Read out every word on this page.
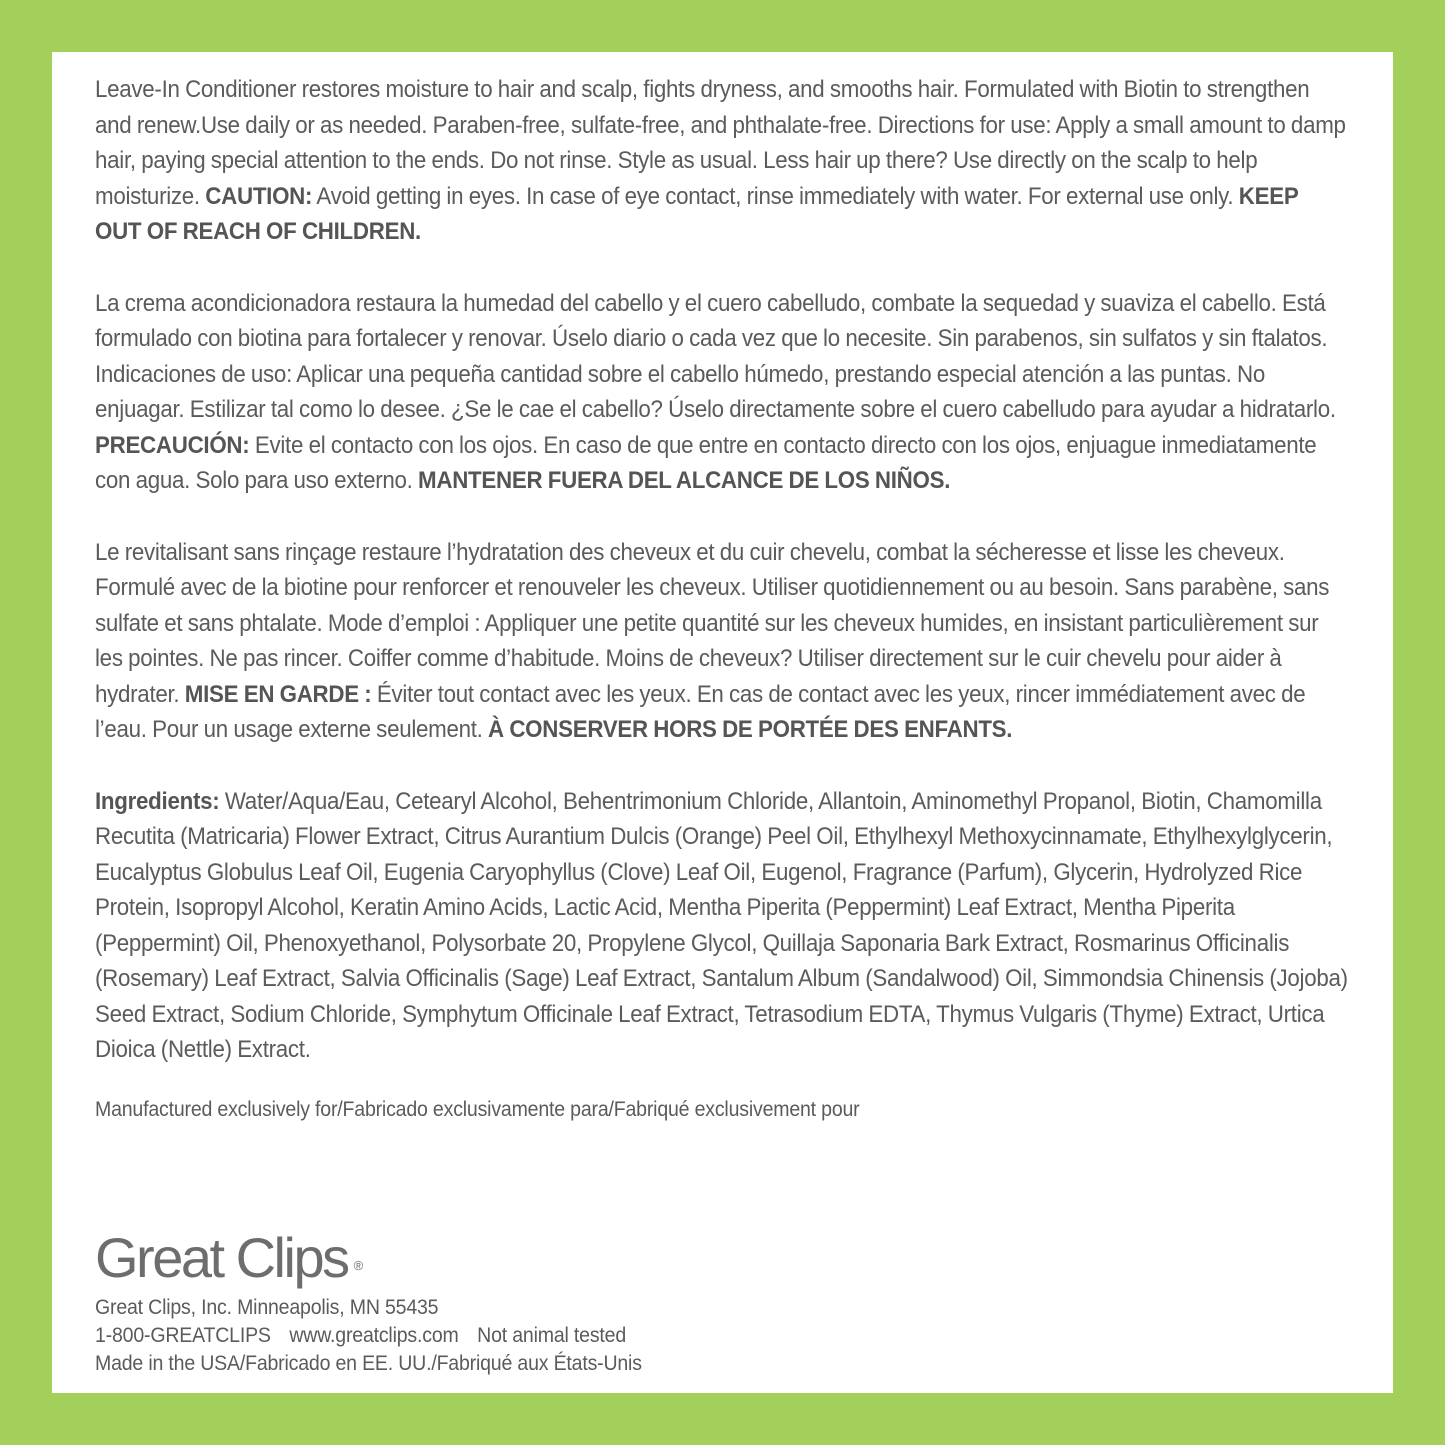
Leave-In Conditioner restores moisture to hair and scalp, fights dryness, and smooths hair. Formulated with Biotin to strengthen and renew.Use daily or as needed. Paraben-free, sulfate-free, and phthalate-free. Directions for use: Apply a small amount to damp hair, paying special attention to the ends. Do not rinse. Style as usual. Less hair up there? Use directly on the scalp to help moisturize. CAUTION: Avoid getting in eyes. In case of eye contact, rinse immediately with water. For external use only. KEEP OUT OF REACH OF CHILDREN.

La crema acondicionadora restaura la humedad del cabello y el cuero cabelludo, combate la sequedad y suaviza el cabello. Está formulado con biotina para fortalecer y renovar. Úselo diario o cada vez que lo necesite. Sin parabenos, sin sulfatos y sin ftalatos. Indicaciones de uso: Aplicar una pequeña cantidad sobre el cabello húmedo, prestando especial atención a las puntas. No enjuagar. Estilizar tal como lo desee. ¿Se le cae el cabello? Úselo directamente sobre el cuero cabelludo para ayudar a hidratarlo. PRECAUCIÓN: Evite el contacto con los ojos. En caso de que entre en contacto directo con los ojos, enjuague inmediatamente con agua. Solo para uso externo. MANTENER FUERA DEL ALCANCE DE LOS NIÑOS.

Le revitalisant sans rinçage restaure l’hydratation des cheveux et du cuir chevelu, combat la sécheresse et lisse les cheveux. Formulé avec de la biotine pour renforcer et renouveler les cheveux. Utiliser quotidiennement ou au besoin. Sans parabène, sans sulfate et sans phtalate. Mode d’emploi : Appliquer une petite quantité sur les cheveux humides, en insistant particulièrement sur les pointes. Ne pas rincer. Coiffer comme d’habitude. Moins de cheveux? Utiliser directement sur le cuir chevelu pour aider à hydrater. MISE EN GARDE : Éviter tout contact avec les yeux. En cas de contact avec les yeux, rincer immédiatement avec de l’eau. Pour un usage externe seulement. À CONSERVER HORS DE PORTÉE DES ENFANTS.

Ingredients: Water/Aqua/Eau, Cetearyl Alcohol, Behentrimonium Chloride, Allantoin, Aminomethyl Propanol, Biotin, Chamomilla Recutita (Matricaria) Flower Extract, Citrus Aurantium Dulcis (Orange) Peel Oil, Ethylhexyl Methoxycinnamate, Ethylhexylglycerin, Eucalyptus Globulus Leaf Oil, Eugenia Caryophyllus (Clove) Leaf Oil, Eugenol, Fragrance (Parfum), Glycerin, Hydrolyzed Rice Protein, Isopropyl Alcohol, Keratin Amino Acids, Lactic Acid, Mentha Piperita (Peppermint) Leaf Extract, Mentha Piperita (Peppermint) Oil, Phenoxyethanol, Polysorbate 20, Propylene Glycol, Quillaja Saponaria Bark Extract, Rosmarinus Officinalis (Rosemary) Leaf Extract, Salvia Officinalis (Sage) Leaf Extract, Santalum Album (Sandalwood) Oil, Simmondsia Chinensis (Jojoba) Seed Extract, Sodium Chloride, Symphytum Officinale Leaf Extract, Tetrasodium EDTA, Thymus Vulgaris (Thyme) Extract, Urtica Dioica (Nettle) Extract.

Manufactured exclusively for/Fabricado exclusivamente para/Fabriqué exclusivement pour

Great Clips ®
Great Clips, Inc. Minneapolis, MN 55435
1-800-GREATCLIPS www.greatclips.com Not animal tested
Made in the USA/Fabricado en EE. UU./Fabriqué aux États-Unis
